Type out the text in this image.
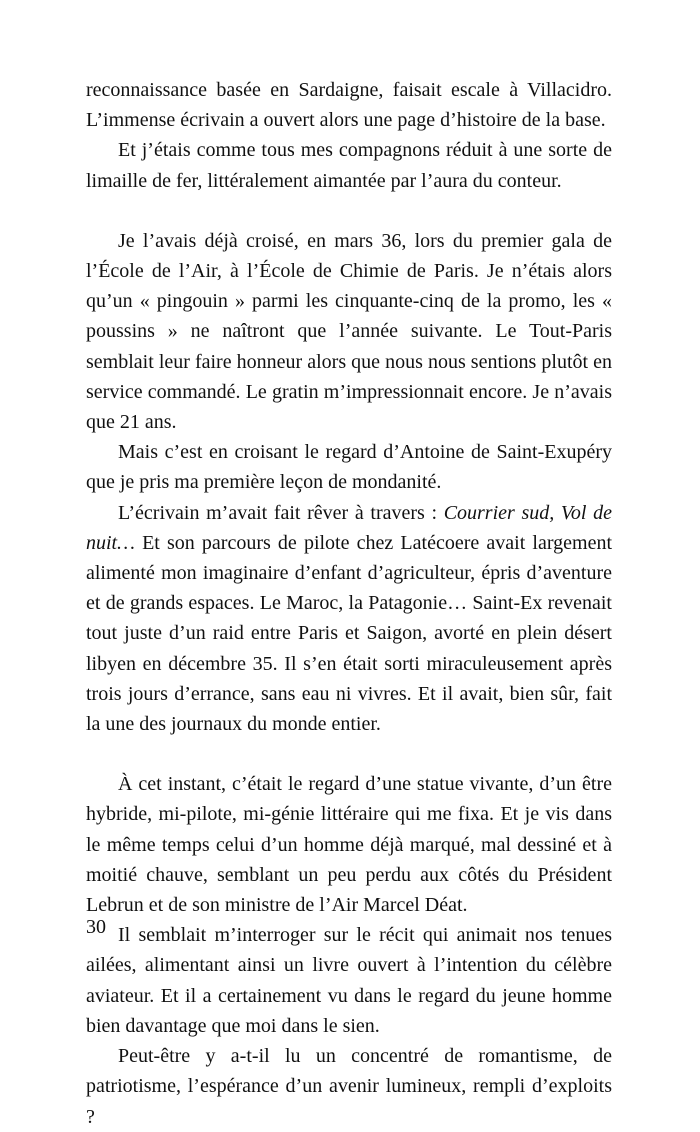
reconnaissance basée en Sardaigne, faisait escale à Villacidro. L’immense écrivain a ouvert alors une page d’histoire de la base.

Et j’étais comme tous mes compagnons réduit à une sorte de limaille de fer, littéralement aimantée par l’aura du conteur.

Je l’avais déjà croisé, en mars 36, lors du premier gala de l’École de l’Air, à l’École de Chimie de Paris. Je n’étais alors qu’un « pingouin » parmi les cinquante-cinq de la promo, les « poussins » ne naîtront que l’année suivante. Le Tout-Paris semblait leur faire honneur alors que nous nous sentions plutôt en service commandé. Le gratin m’impressionnait encore. Je n’avais que 21 ans.

Mais c’est en croisant le regard d’Antoine de Saint-Exupéry que je pris ma première leçon de mondanité.

L’écrivain m’avait fait rêver à travers : Courrier sud, Vol de nuit… Et son parcours de pilote chez Latécoere avait largement alimenté mon imaginaire d’enfant d’agriculteur, épris d’aventure et de grands espaces. Le Maroc, la Patagonie… Saint-Ex revenait tout juste d’un raid entre Paris et Saigon, avorté en plein désert libyen en décembre 35. Il s’en était sorti miraculeusement après trois jours d’errance, sans eau ni vivres. Et il avait, bien sûr, fait la une des journaux du monde entier.

À cet instant, c’était le regard d’une statue vivante, d’un être hybride, mi-pilote, mi-génie littéraire qui me fixa. Et je vis dans le même temps celui d’un homme déjà marqué, mal dessiné et à moitié chauve, semblant un peu perdu aux côtés du Président Lebrun et de son ministre de l’Air Marcel Déat.

Il semblait m’interroger sur le récit qui animait nos tenues ailées, alimentant ainsi un livre ouvert à l’intention du célèbre aviateur. Et il a certainement vu dans le regard du jeune homme bien davantage que moi dans le sien.

Peut-être y a-t-il lu un concentré de romantisme, de patriotisme, l’espérance d’un avenir lumineux, rempli d’exploits ?

30
